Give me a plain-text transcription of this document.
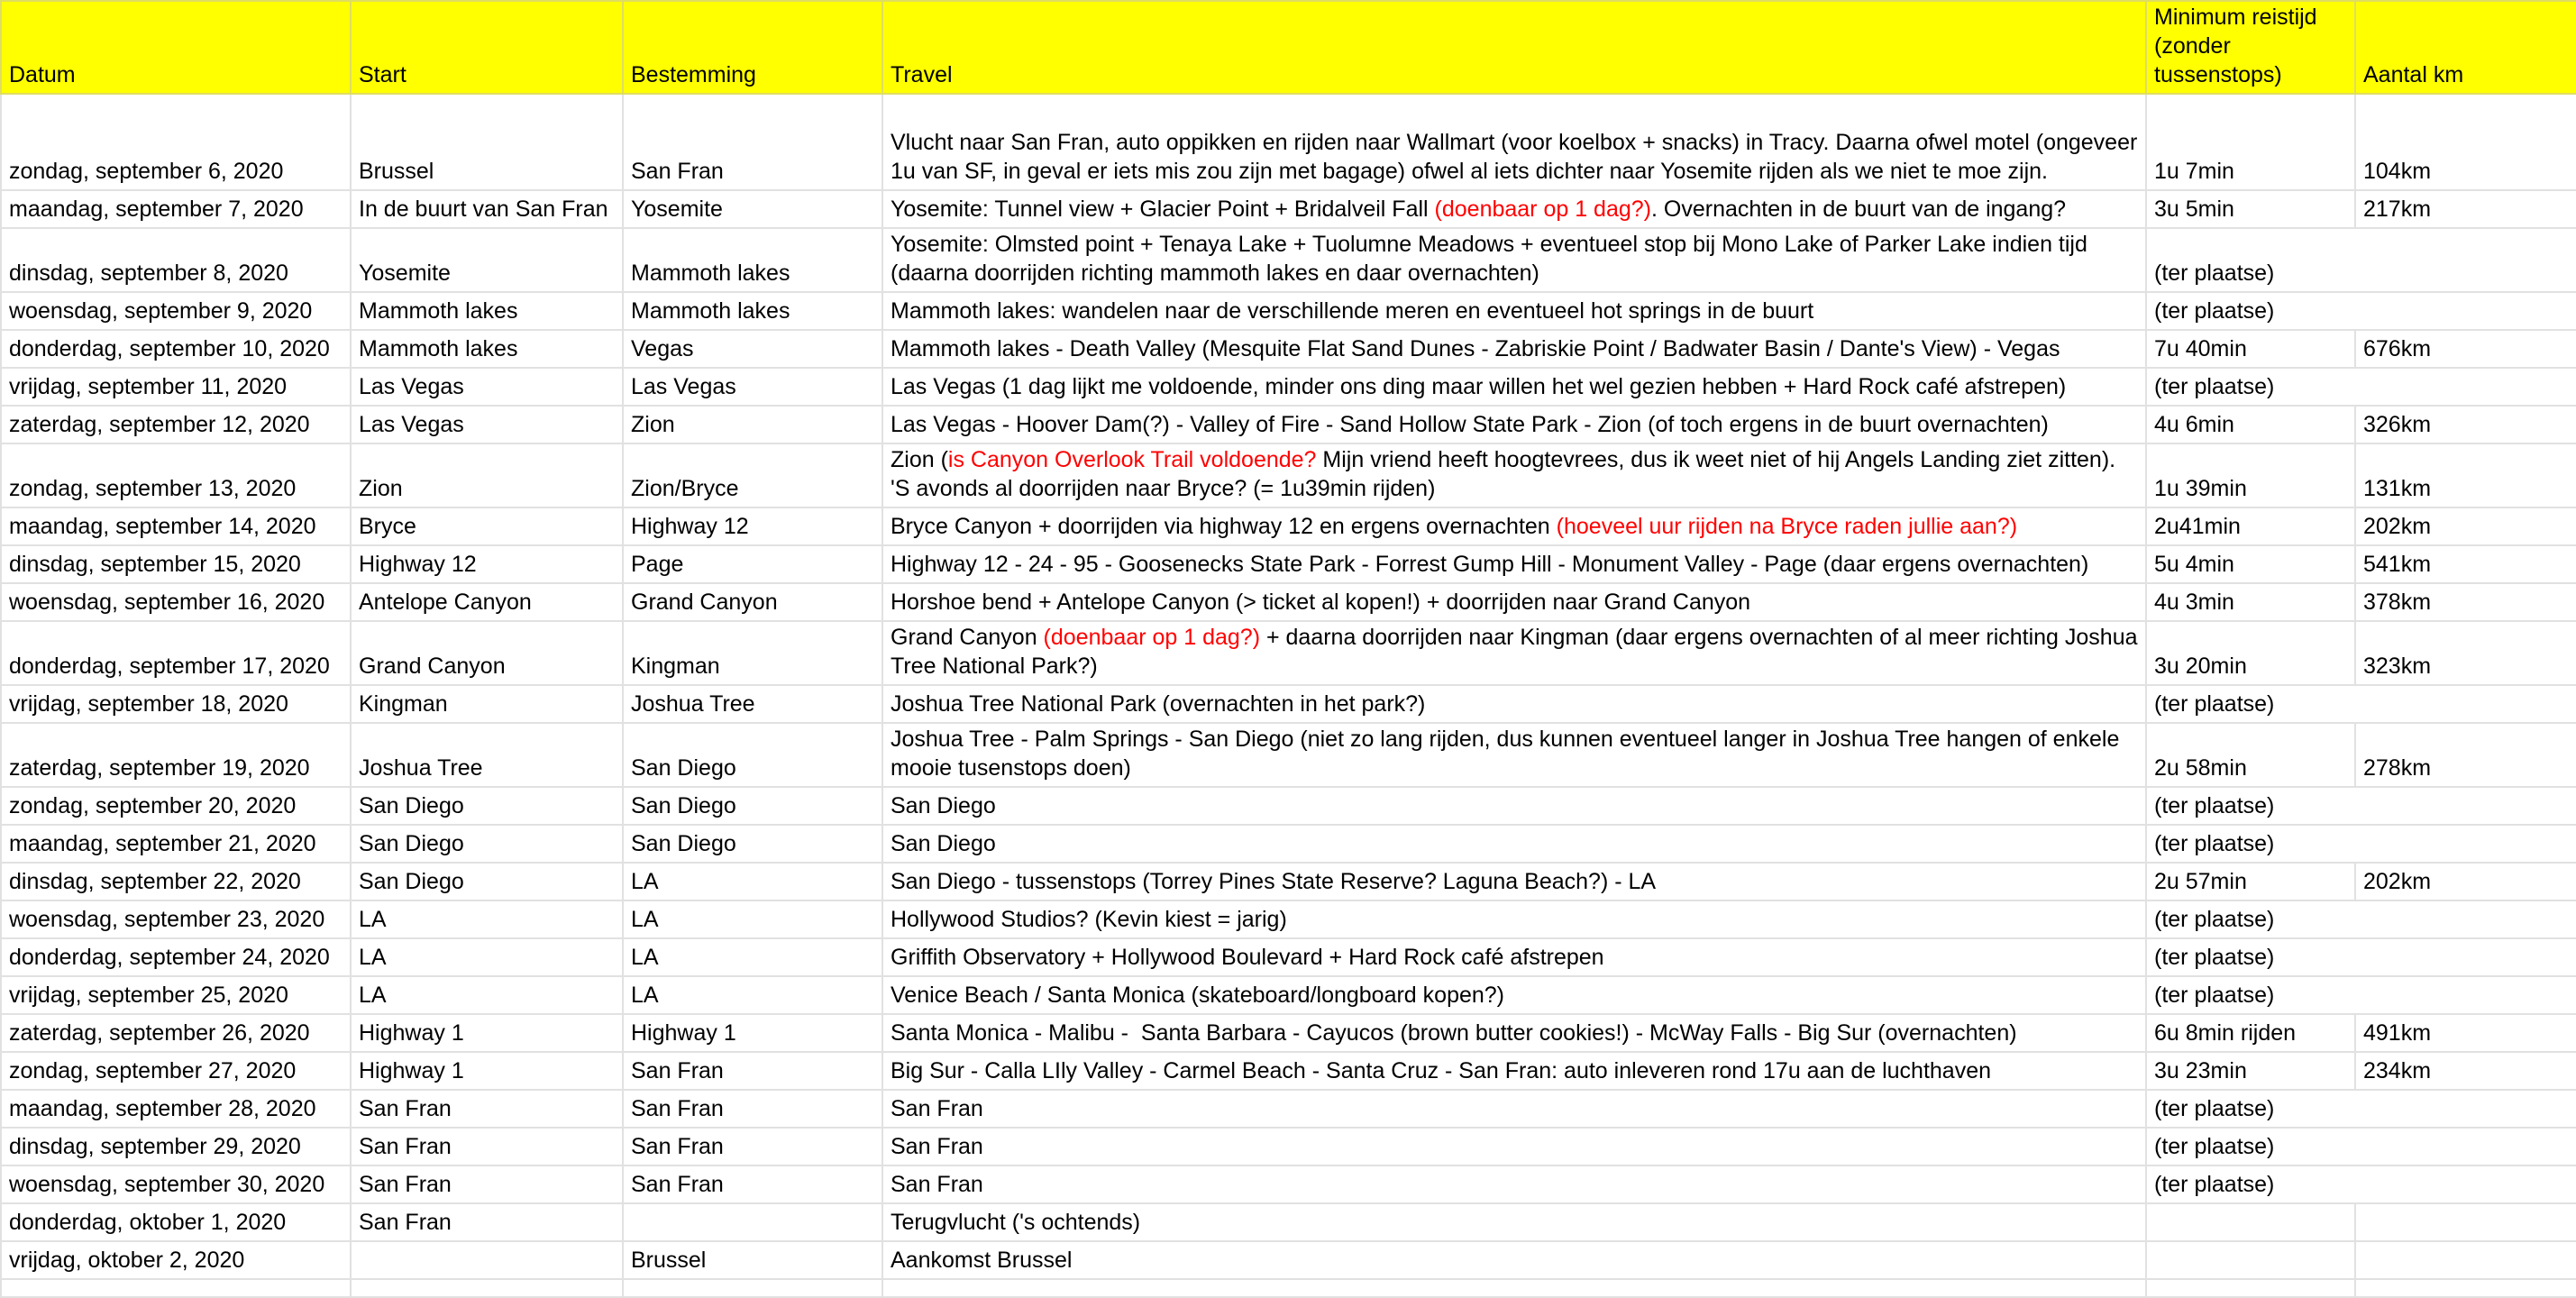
Datum	Start	Bestemming	Travel	Minimum reistijd (zonder tussenstops)	Aantal km
zondag, september 6, 2020	Brussel	San Fran	Vlucht naar San Fran, auto oppikken en rijden naar Wallmart (voor koelbox + snacks) in Tracy. Daarna ofwel motel (ongeveer 1u van SF, in geval er iets mis zou zijn met bagage) ofwel al iets dichter naar Yosemite rijden als we niet te moe zijn.	1u 7min	104km
maandag, september 7, 2020	In de buurt van San Fran	Yosemite	Yosemite: Tunnel view + Glacier Point + Bridalveil Fall (doenbaar op 1 dag?). Overnachten in de buurt van de ingang?	3u 5min	217km
dinsdag, september 8, 2020	Yosemite	Mammoth lakes	Yosemite: Olmsted point + Tenaya Lake + Tuolumne Meadows + eventueel stop bij Mono Lake of Parker Lake indien tijd (daarna doorrijden richting mammoth lakes en daar overnachten)	(ter plaatse)	
woensdag, september 9, 2020	Mammoth lakes	Mammoth lakes	Mammoth lakes: wandelen naar de verschillende meren en eventueel hot springs in de buurt	(ter plaatse)	
donderdag, september 10, 2020	Mammoth lakes	Vegas	Mammoth lakes - Death Valley (Mesquite Flat Sand Dunes - Zabriskie Point / Badwater Basin / Dante's View) - Vegas	7u 40min	676km
vrijdag, september 11, 2020	Las Vegas	Las Vegas	Las Vegas (1 dag lijkt me voldoende, minder ons ding maar willen het wel gezien hebben + Hard Rock café afstrepen)	(ter plaatse)	
zaterdag, september 12, 2020	Las Vegas	Zion	Las Vegas - Hoover Dam(?) - Valley of Fire - Sand Hollow State Park - Zion (of toch ergens in de buurt overnachten)	4u 6min	326km
zondag, september 13, 2020	Zion	Zion/Bryce	Zion (is Canyon Overlook Trail voldoende? Mijn vriend heeft hoogtevrees, dus ik weet niet of hij Angels Landing ziet zitten). 'S avonds al doorrijden naar Bryce? (= 1u39min rijden)	1u 39min	131km
maandag, september 14, 2020	Bryce	Highway 12	Bryce Canyon + doorrijden via highway 12 en ergens overnachten (hoeveel uur rijden na Bryce raden jullie aan?)	2u41min	202km
dinsdag, september 15, 2020	Highway 12	Page	Highway 12 - 24 - 95 - Goosenecks State Park - Forrest Gump Hill - Monument Valley - Page (daar ergens overnachten)	5u 4min	541km
woensdag, september 16, 2020	Antelope Canyon	Grand Canyon	Horshoe bend + Antelope Canyon (> ticket al kopen!) + doorrijden naar Grand Canyon	4u 3min	378km
donderdag, september 17, 2020	Grand Canyon	Kingman	Grand Canyon (doenbaar op 1 dag?) + daarna doorrijden naar Kingman (daar ergens overnachten of al meer richting Joshua Tree National Park?)	3u 20min	323km
vrijdag, september 18, 2020	Kingman	Joshua Tree	Joshua Tree National Park (overnachten in het park?)	(ter plaatse)	
zaterdag, september 19, 2020	Joshua Tree	San Diego	Joshua Tree - Palm Springs - San Diego (niet zo lang rijden, dus kunnen eventueel langer in Joshua Tree hangen of enkele mooie tusenstops doen)	2u 58min	278km
zondag, september 20, 2020	San Diego	San Diego	San Diego	(ter plaatse)	
maandag, september 21, 2020	San Diego	San Diego	San Diego	(ter plaatse)	
dinsdag, september 22, 2020	San Diego	LA	San Diego - tussenstops (Torrey Pines State Reserve? Laguna Beach?) - LA	2u 57min	202km
woensdag, september 23, 2020	LA	LA	Hollywood Studios? (Kevin kiest = jarig)	(ter plaatse)	
donderdag, september 24, 2020	LA	LA	Griffith Observatory + Hollywood Boulevard + Hard Rock café afstrepen	(ter plaatse)	
vrijdag, september 25, 2020	LA	LA	Venice Beach / Santa Monica (skateboard/longboard kopen?)	(ter plaatse)	
zaterdag, september 26, 2020	Highway 1	Highway 1	Santa Monica - Malibu -  Santa Barbara - Cayucos (brown butter cookies!) - McWay Falls - Big Sur (overnachten)	6u 8min rijden	491km
zondag, september 27, 2020	Highway 1	San Fran	Big Sur - Calla LIly Valley - Carmel Beach - Santa Cruz - San Fran: auto inleveren rond 17u aan de luchthaven	3u 23min	234km
maandag, september 28, 2020	San Fran	San Fran	San Fran	(ter plaatse)	
dinsdag, september 29, 2020	San Fran	San Fran	San Fran	(ter plaatse)	
woensdag, september 30, 2020	San Fran	San Fran	San Fran	(ter plaatse)	
donderdag, oktober 1, 2020	San Fran		Terugvlucht ('s ochtends)		
vrijdag, oktober 2, 2020		Brussel	Aankomst Brussel		
